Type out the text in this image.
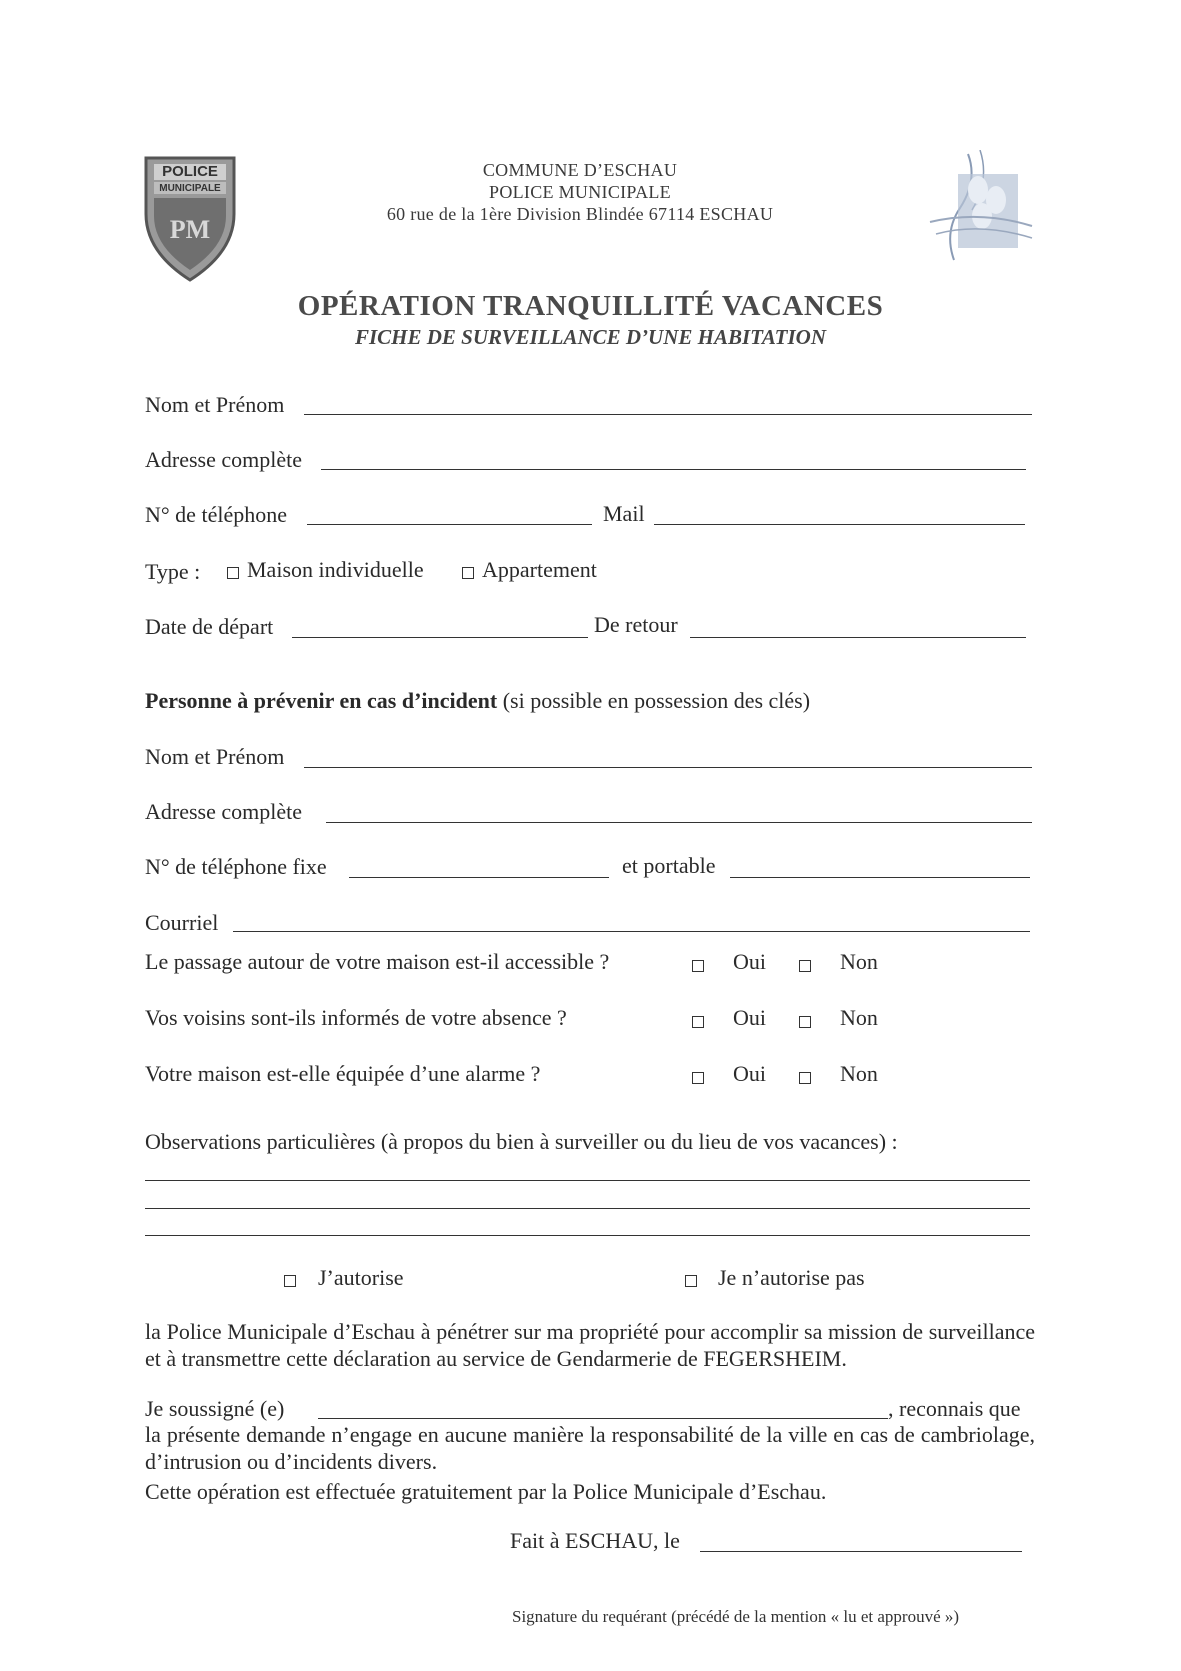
POLICE
MUNICIPALE
PM
COMMUNE D’ESCHAU
POLICE MUNICIPALE
60 rue de la 1ère Division Blindée 67114 ESCHAU
OPÉRATION TRANQUILLITÉ VACANCES
FICHE DE SURVEILLANCE D’UNE HABITATION
Nom et Prénom
Adresse complète
N° de téléphone	Mail
Type : Maison individuelle	Appartement
Date de départ	De retour
Personne à prévenir en cas d’incident (si possible en possession des clés)
Nom et Prénom
Adresse complète
N° de téléphone fixe	et portable
Courriel
Le passage autour de votre maison est-il accessible ?	Oui	Non
Vos voisins sont-ils informés de votre absence ?	Oui	Non
Votre maison est-elle équipée d’une alarme ?	Oui	Non
Observations particulières (à propos du bien à surveiller ou du lieu de vos vacances) :
J’autorise	Je n’autorise pas
la Police Municipale d’Eschau à pénétrer sur ma propriété pour accomplir sa mission de surveillance et à transmettre cette déclaration au service de Gendarmerie de FEGERSHEIM.
Je soussigné (e)	, reconnais que
la présente demande n’engage en aucune manière la responsabilité de la ville en cas de cambriolage, d’intrusion ou d’incidents divers.
Cette opération est effectuée gratuitement par la Police Municipale d’Eschau.
Fait à ESCHAU, le
Signature du requérant (précédé de la mention « lu et approuvé »)
